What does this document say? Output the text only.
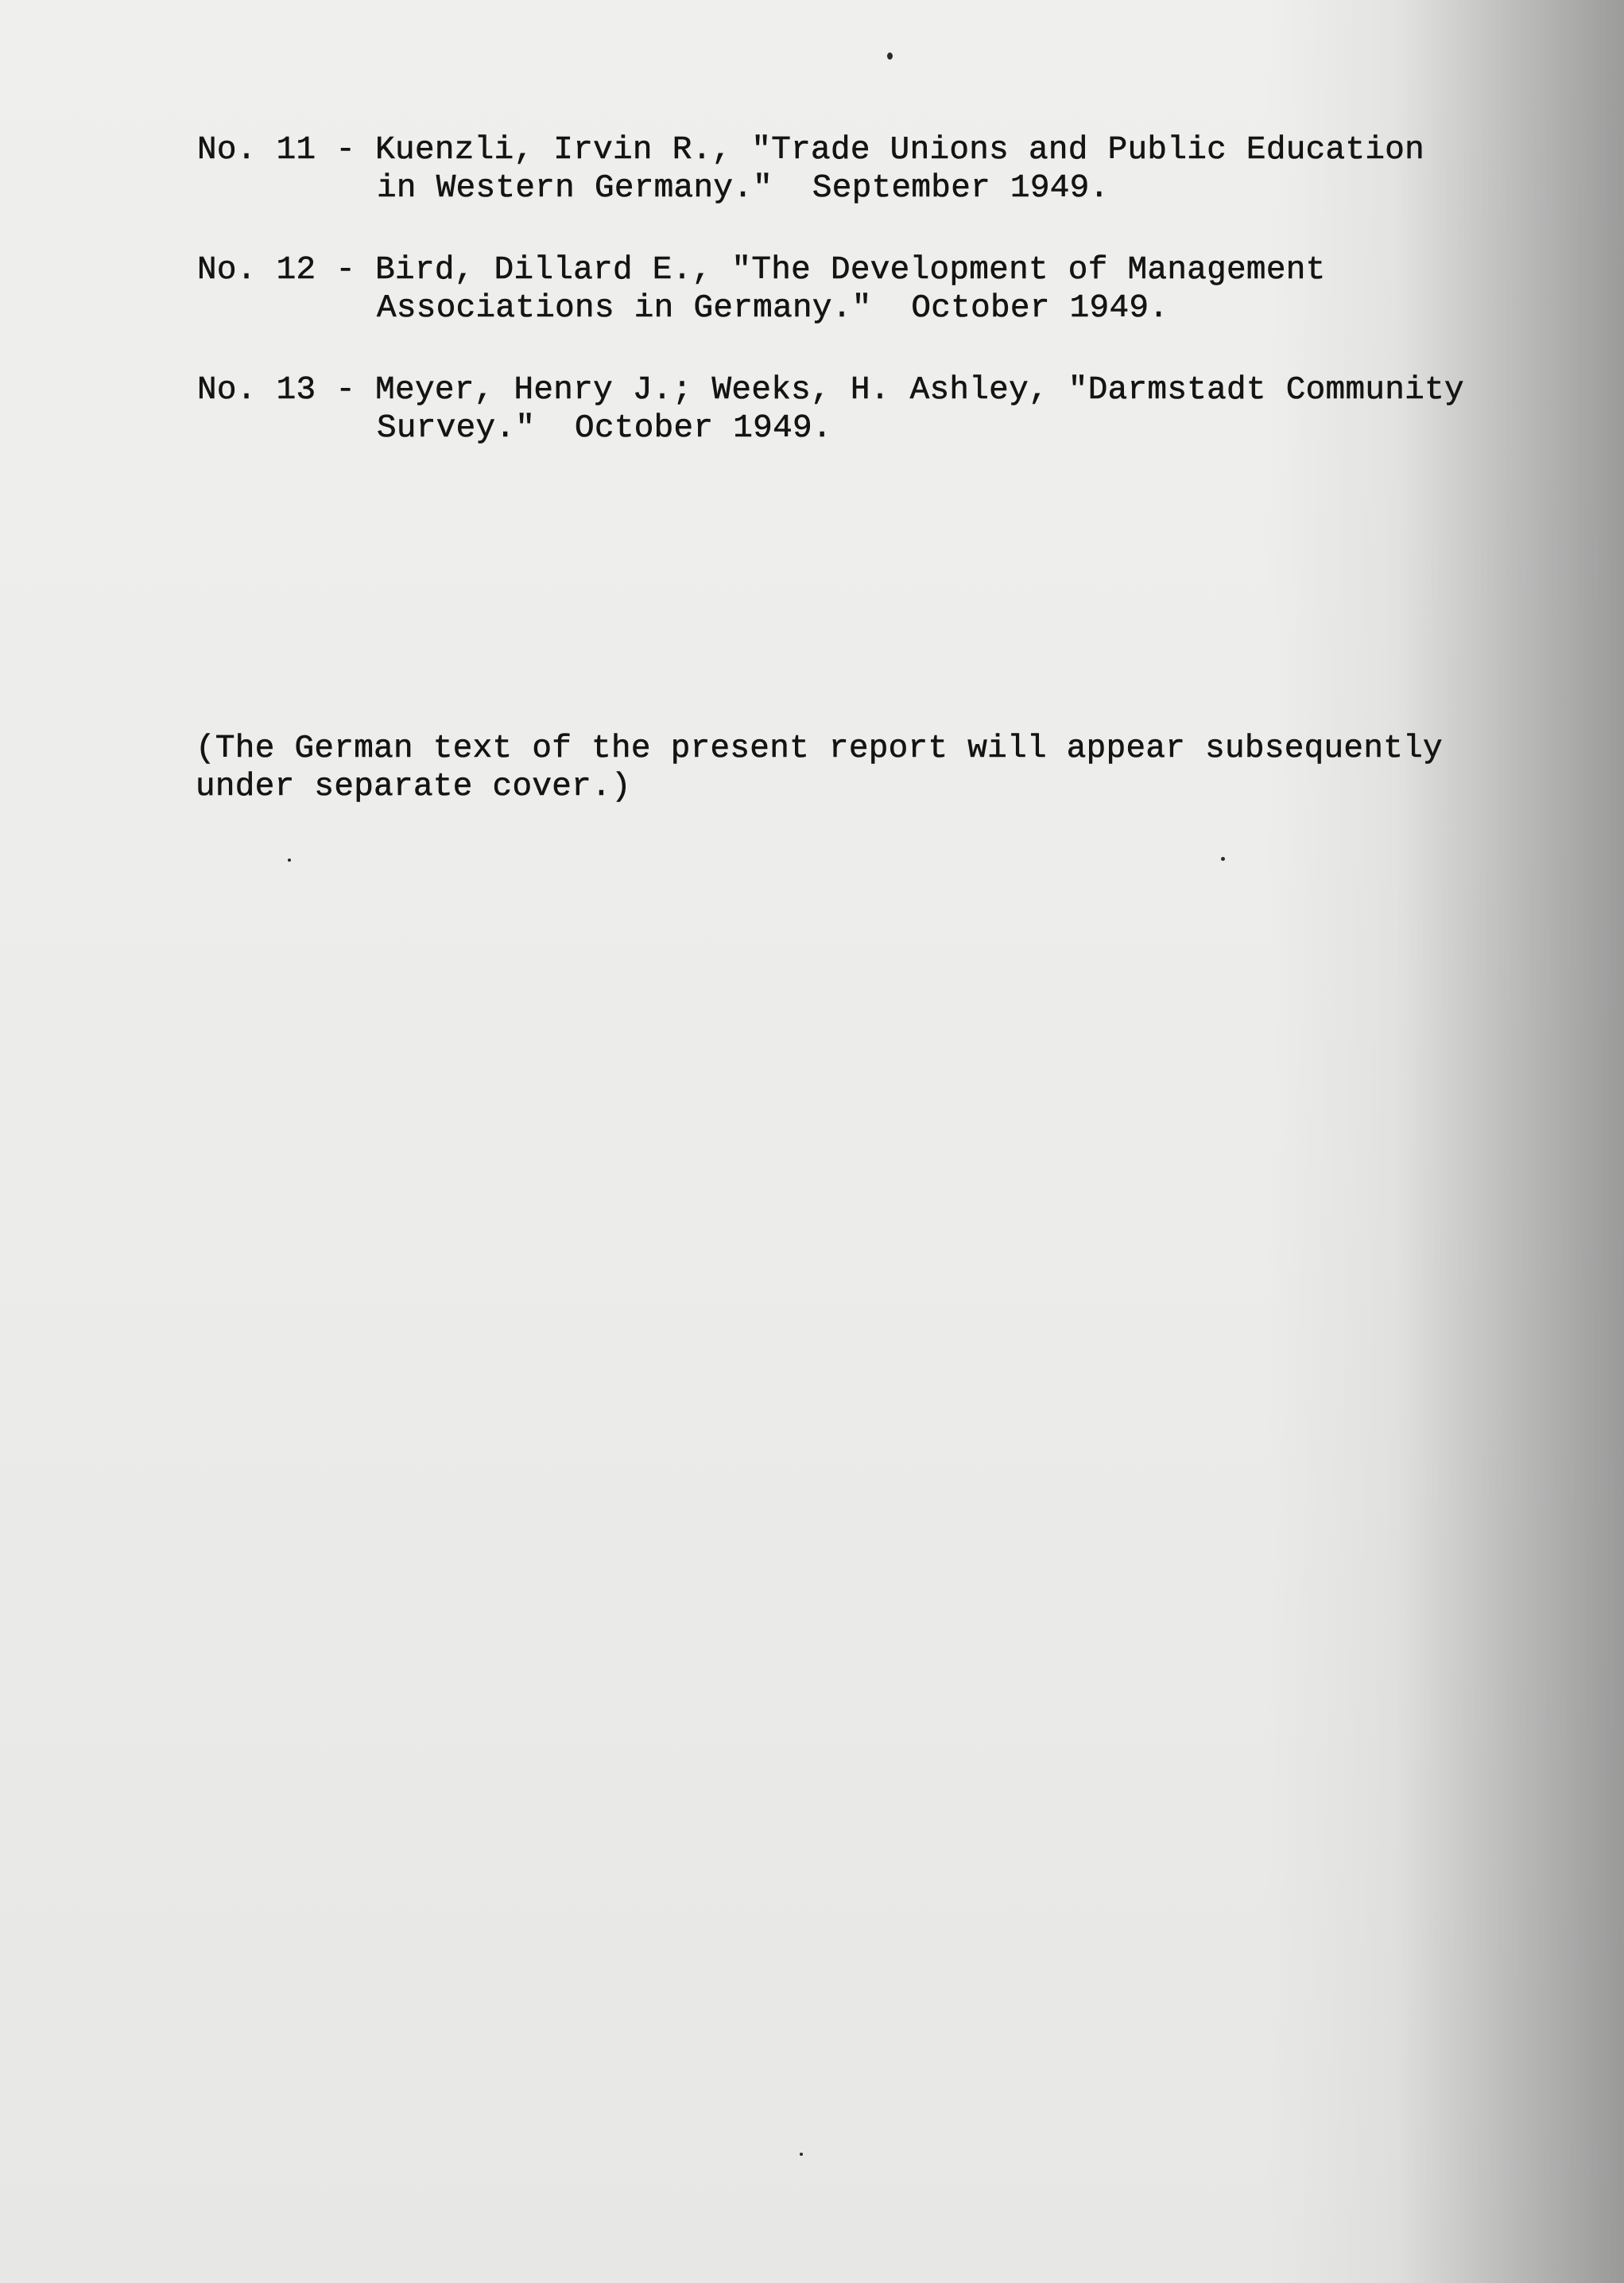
No. 11 - Kuenzli, Irvin R., "Trade Unions and Public Education
in Western Germany."  September 1949.
No. 12 - Bird, Dillard E., "The Development of Management
Associations in Germany."  October 1949.
No. 13 - Meyer, Henry J.; Weeks, H. Ashley, "Darmstadt Community
Survey."  October 1949.
(The German text of the present report will appear subsequently
under separate cover.)
